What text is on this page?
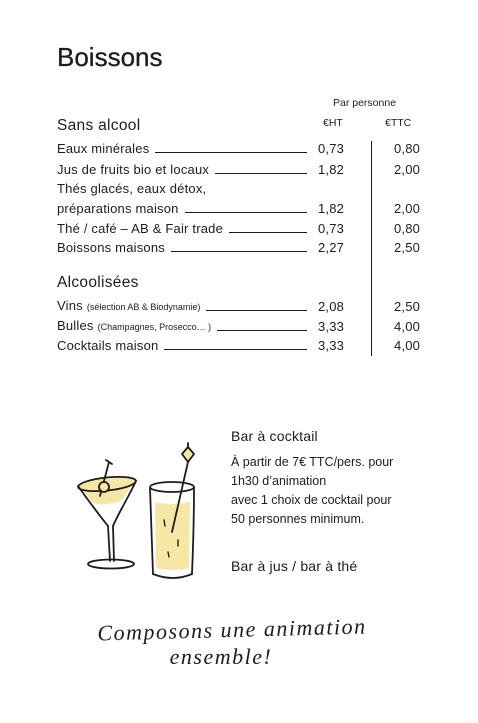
Boissons
Par personne
€HT	€TTC
Sans alcool
Eaux minérales	0,73	0,80
Jus de fruits bio et locaux	1,82	2,00
Thés glacés, eaux détox,
préparations maison	1,82	2,00
Thé / café – AB & Fair trade	0,73	0,80
Boissons maisons	2,27	2,50
Alcoolisées
Vins (sélection AB & Biodynamie)	2,08	2,50
Bulles (Champagnes, Prosecco… )	3,33	4,00
Cocktails maison	3,33	4,00
Bar à cocktail
À partir de 7€ TTC/pers. pour
1h30 d’animation
avec 1 choix de cocktail pour
50 personnes minimum.
Bar à jus / bar à thé
Composons une animation
ensemble!
